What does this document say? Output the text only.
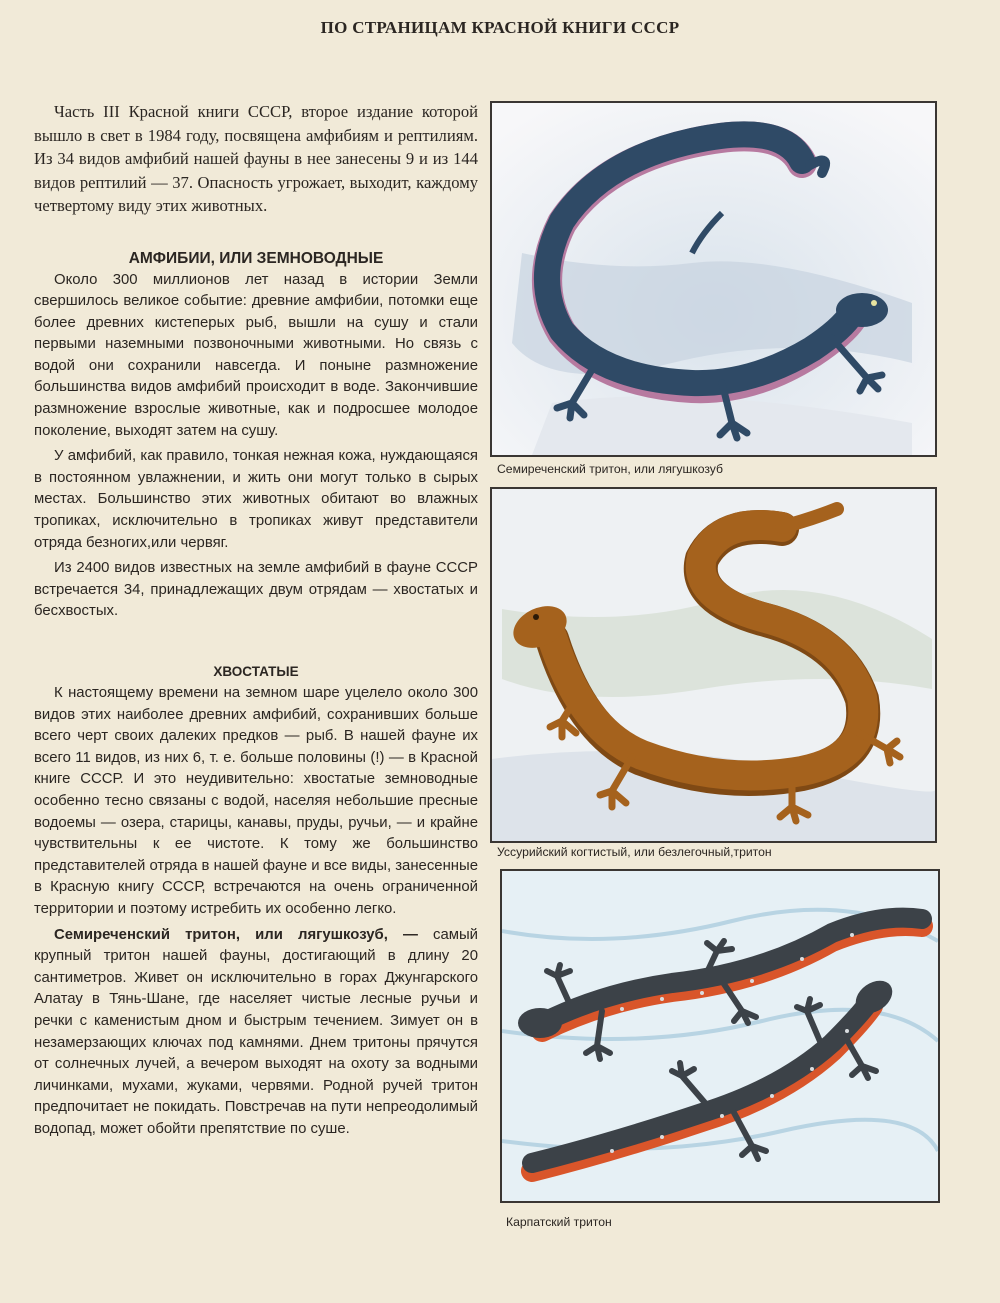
ПО СТРАНИЦАМ КРАСНОЙ КНИГИ СССР

Часть III Красной книги СССР, второе издание которой вышло в свет в 1984 году, посвящена амфибиям и рептилиям. Из 34 видов амфибий нашей фауны в нее занесены 9 и из 144 видов рептилий — 37. Опасность угрожает, выходит, каждому четвертому виду этих животных.

АМФИБИИ, ИЛИ ЗЕМНОВОДНЫЕ

Около 300 миллионов лет назад в истории Земли свершилось великое событие: древние амфибии, потомки еще более древних кистеперых рыб, вышли на сушу и стали первыми наземными позвоночными животными. Но связь с водой они сохранили навсегда. И поныне размножение большинства видов амфибий происходит в воде. Закончившие размножение взрослые животные, как и подросшее молодое поколение, выходят затем на сушу.

У амфибий, как правило, тонкая нежная кожа, нуждающаяся в постоянном увлажнении, и жить они могут только в сырых местах. Большинство этих животных обитают во влажных тропиках, исключительно в тропиках живут представители отряда безногих,или червяг.

Из 2400 видов известных на земле амфибий в фауне СССР встречается 34, принадлежащих двум отрядам — хвостатых и бесхвостых.

ХВОСТАТЫЕ

К настоящему времени на земном шаре уцелело около 300 видов этих наиболее древних амфибий, сохранивших больше всего черт своих далеких предков — рыб. В нашей фауне их всего 11 видов, из них 6, т. е. больше половины (!) — в Красной книге СССР. И это неудивительно: хвостатые земноводные особенно тесно связаны с водой, населяя небольшие пресные водоемы — озера, старицы, канавы, пруды, ручьи, — и крайне чувствительны к ее чистоте. К тому же большинство представителей отряда в нашей фауне и все виды, занесенные в Красную книгу СССР, встречаются на очень ограниченной территории и поэтому истребить их особенно легко.

Семиреченский тритон, или лягушкозуб, — самый крупный тритон нашей фауны, достигающий в длину 20 сантиметров. Живет он исключительно в горах Джунгарского Алатау в Тянь-Шане, где населяет чистые лесные ручьи и речки с каменистым дном и быстрым течением. Зимует он в незамерзающих ключах под камнями. Днем тритоны прячутся от солнечных лучей, а вечером выходят на охоту за водными личинками, мухами, жуками, червями. Родной ручей тритон предпочитает не покидать. Повстречав на пути непреодолимый водопад, может обойти препятствие по суше.

Семиреченский тритон, или лягушкозуб
Уссурийский когтистый, или безлегочный,тритон
Карпатский тритон
